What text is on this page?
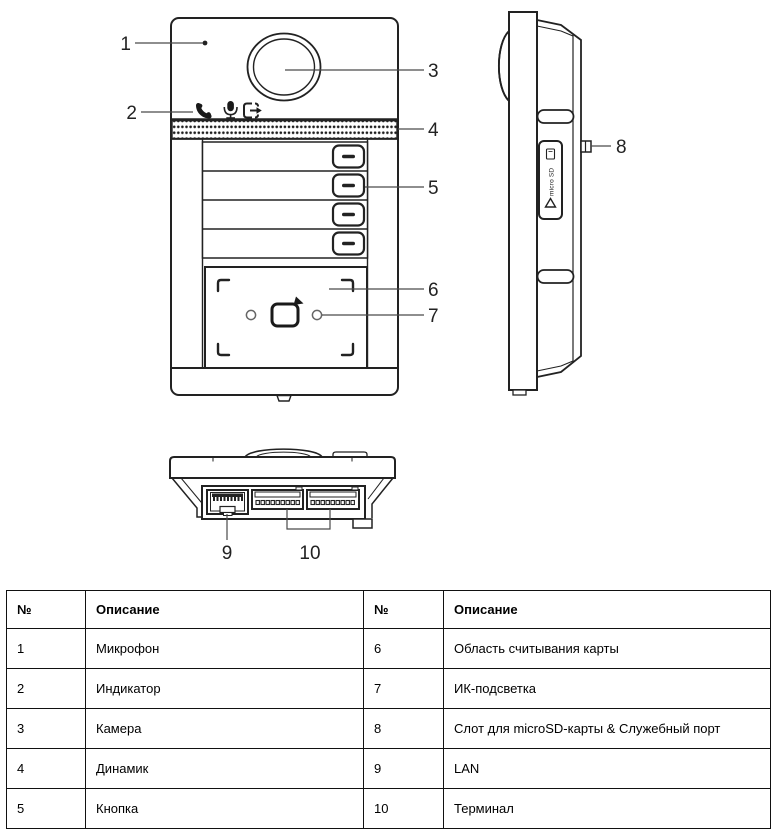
micro SD
1
2
3
4
5
6
7
8
9	10
№	Описание	№	Описание
1	Микрофон	6	Область считывания карты
2	Индикатор	7	ИК-подсветка
3	Камера	8	Слот для microSD-карты & Служебный порт
4	Динамик	9	LAN
5	Кнопка	10	Терминал
